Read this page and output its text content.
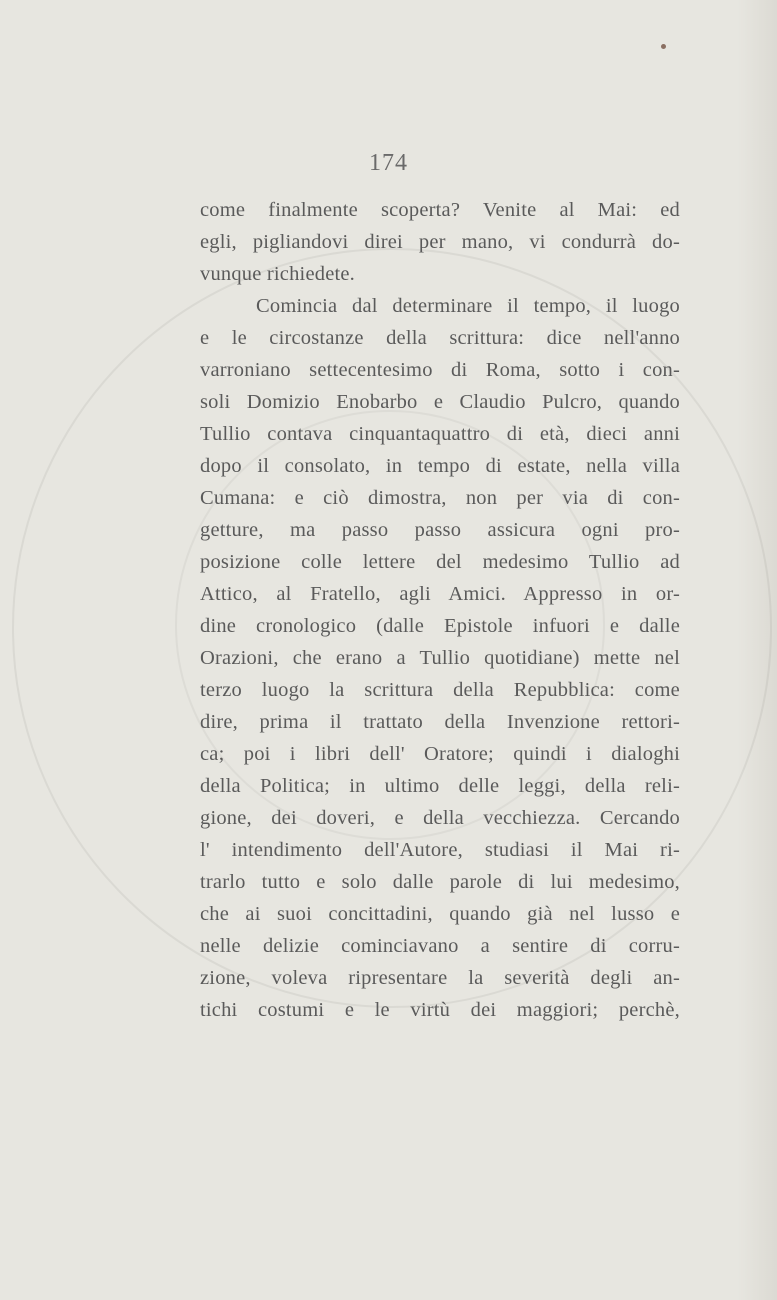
174
come finalmente scoperta? Venite al Mai: ed
egli, pigliandovi direi per mano, vi condurrà do-
vunque richiedete.
Comincia dal determinare il tempo, il luogo
e le circostanze della scrittura: dice nell'anno
varroniano settecentesimo di Roma, sotto i con-
soli Domizio Enobarbo e Claudio Pulcro, quando
Tullio contava cinquantaquattro di età, dieci anni
dopo il consolato, in tempo di estate, nella villa
Cumana: e ciò dimostra, non per via di con-
getture, ma passo passo assicura ogni pro-
posizione colle lettere del medesimo Tullio ad
Attico, al Fratello, agli Amici. Appresso in or-
dine cronologico (dalle Epistole infuori e dalle
Orazioni, che erano a Tullio quotidiane) mette nel
terzo luogo la scrittura della Repubblica: come
dire, prima il trattato della Invenzione rettori-
ca; poi i libri dell' Oratore; quindi i dialoghi
della Politica; in ultimo delle leggi, della reli-
gione, dei doveri, e della vecchiezza. Cercando
l' intendimento dell'Autore, studiasi il Mai ri-
trarlo tutto e solo dalle parole di lui medesimo,
che ai suoi concittadini, quando già nel lusso e
nelle delizie cominciavano a sentire di corru-
zione, voleva ripresentare la severità degli an-
tichi costumi e le virtù dei maggiori; perchè,
